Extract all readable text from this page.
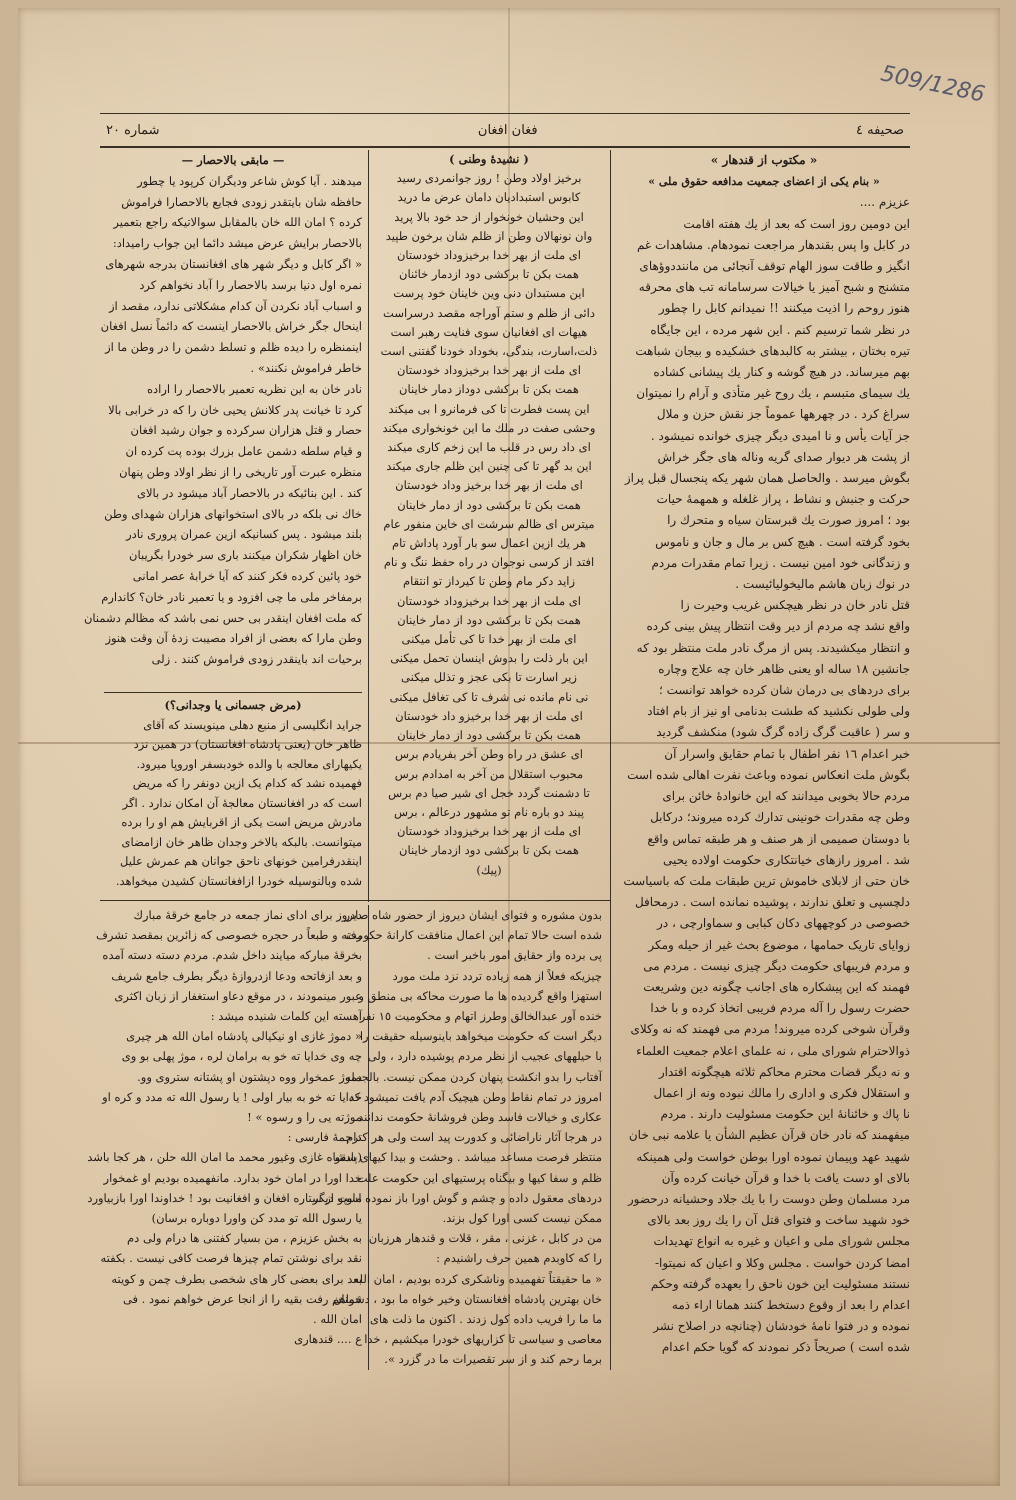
509/1286
شماره ٢٠	فغان افغان	صحیفه ٤
« مکتوب از قندهار »
« بنام یکی از اعضای جمعیت مدافعه حقوق ملی »
عزیزم ....
این دومین روز است که بعد از یك هفته اقامت
در کابل وا پس بقندهار مراجعت نمودهام. مشاهدات غم
انگیز و طاقت سوز الهام توقف آنجائی من ماننددوؤهای
متشنج و شبح آمیز یا خیالات سرسامانه تب های محرقه
هنوز روحم را اذیت میکنند !! نمیدانم کابل را چطور
در نظر شما ترسیم کنم . این شهر مرده ، این جایگاه
تیره بختان ، بیشتر به کالبدهای خشکیده و بیجان شباهت
بهم میرساند. در هیچ گوشه و کنار یك پیشانی کشاده
یك سیمای متبسم ، یك روح غیر متأذی و آرام را نمیتوان
سراغ کرد . در چهرهها عموماً جز نقش حزن و ملال
جز آیات یأس و نا امیدی دیگر چیزی خوانده نمیشود .
از پشت هر دیوار صدای گریه وناله های جگر خراش
بگوش میرسد . والحاصل همان شهر یکه پنجسال قبل پراز
حرکت و جنبش و نشاط ، پراز غلغله و همهمهٔ حیات
بود ؛ امروز صورت یك قبرستان سیاه و متحرك را
بخود گرفته است . هیچ کس بر مال و جان و ناموس
و زندگانی خود امین نیست . زیرا تمام مقدرات مردم
در نوك زبان هاشم مالیخولیائیست .
قتل نادر خان در نظر هیچکس غریب وحیرت زا
واقع نشد چه مردم از دیر وقت انتظار پیش بینی کرده
و انتظار میکشیدند. پس از مرگ نادر ملت منتظر بود که
جانشین ١٨ ساله او یعنی ظاهر خان چه علاج وچاره
برای دردهای بی درمان شان کرده خواهد توانست ؛
ولی طولی نکشید که طشت بدنامی او نیز از بام افتاد
و سر ( عاقبت گرگ زاده گرگ شود) منکشف گردید
خبر اعدام ١٦ نفر اطفال با تمام حقایق واسرار آن
بگوش ملت انعکاس نموده وباعث نفرت اهالی شده است
مردم حالا بخوبی میدانند که این خانوادهٔ خائن برای
وطن چه مقدرات خونینی تدارك کرده میروند؛ درکابل
با دوستان صمیمی از هر صنف و هر طبقه تماس واقع
شد . امروز رازهای خیانتکاری حکومت اولاده یحیی
خان حتی از لابلای خاموش ترین طبقات ملت که باسیاست
دلچسپی و تعلق ندارند ، پوشیده نمانده است . درمحافل
خصوصی در کوچههای دکان کبابی و سماوارچی ، در
زوایای تاریک حمامها ، موضوع بحث غیر از حیله ومکر
و مردم فریبهای حکومت دیگر چیزی نیست . مردم می
فهمند که این پیشکاره های اجانب چگونه دین وشریعت
حضرت رسول را آله مردم فریبی اتخاذ کرده و با خدا
وقرآن شوخی کرده میروند! مردم می فهمند که نه وکلای
ذوالاحترام شورای ملی ، نه علمای اعلام جمعیت العلماء
و نه دیگر قضات محترم محاکم ثلاثه هیچگونه اقتدار
و استقلال فکری و اداری را مالك نبوده ونه از اعمال
نا پاك و خائنانهٔ این حکومت مسئولیت دارند . مردم
میفهمند که نادر خان قرآن عظیم الشأن یا علامه نبی خان
شهید عهد وپیمان نموده اورا بوطن خواست ولی همینکه
بالای او دست یافت با خدا و قرآن خیانت کرده وآن
مرد مسلمان وطن دوست را با یك جلاد وحشیانه درحضور
خود شهید ساخت و فتوای قتل آن را یك روز بعد بالای
مجلس شورای ملی و اعیان و غیره به انواع تهدیدات
امضا کردن خواست . مجلس وکلا و اعیان که نمیتوا-
نستند مسئولیت این خون ناحق را بعهده گرفته وحکم
اعدام را بعد از وقوع دستخط کنند همانا اراء ذمه
نموده و در فتوا نامهٔ خودشان (چنانچه در اصلاح نشر
شده است ) صریحاً ذکر نمودند که گویا حکم اعدام
( نشیدهٔ وطنی )
برخیز اولاد وطن ! روز جوانمردی رسید
کابوس استبدادیان دامان عرض ما درید
این وحشیان خونخوار از حد خود بالا پرید
وان نونهالان وطن از ظلم شان برخون طپید
ای ملت از بهر خدا برخیزوداد خودستان
همت بکن تا برکشی دود ازدمار خائنان
این مستبدان دنی وین خاینان خود پرست
دائی از ظلم و ستم آوراجه مقصد درسراست
هیهات ای افغانیان سوی فنایت رهبر است
ذلت،اسارت، بندگی، بخوداد خودنا گفتنی است
ای ملت از بهر خدا برخیزوداد خودستان
همت بکن تا برکشی دوداز دمار خاینان
این پست فطرت تا کی فرمانرو ا بی میکند
وحشی صفت در ملك ما این خونخواری میکند
ای داد رس در قلب ما این زخم کاری میکند
این بد گهر تا کی چنین این ظلم جاری میکند
ای ملت از بهر خدا برخیز وداد خودستان
همت بکن تا برکشی دود از دمار خاینان
میترس ای ظالم سرشت ای خاین منفور عام
هر یك ازین اعمال سو بار آورد پاداش تام
افتد از کرسی نوجوان در راه حفظ ننگ و نام
زاید دکر مام وطن تا کیرداز تو انتقام
ای ملت از بهر خدا برخیزوداد خودستان
همت بکن تا برکشی دود از دمار خاینان
ای ملت از بهر خدا تا کی تأمل میکنی
این بار ذلت را بدوش اینسان تحمل میکنی
زیر اسارت تا بکی عجز و تذلل میکنی
نی نام مانده نی شرف تا کی تغافل میکنی
ای ملت از بهر خدا برخیزو داد خودستان
همت بکن تا برکشی دود از دمار خاینان
ای عشق در راه وطن آخر بفریادم برس
محبوب استقلال من آخر به امدادم برس
تا دشمنت گردد خجل ای شیر صیا دم برس
پیند دو باره نام تو مشهور درعالم ، برس
ای ملت از بهر خدا برخیزوداد خودستان
همت بکن تا برکشی دود ازدمار خاینان
(پیك)
— مابقی بالاحصار —
میدهند . آیا کوش شاعر ودیگران کرپود یا چطور
حافظه شان بایتقدر زودی فجایع بالاحصارا فراموش
کرده ؟ امان الله خان بالمقابل سوالاتیکه راجع بتعمیر
بالاحصار برایش عرض میشد دائما این جواب رامیداد:
« اگر کابل و دیگر شهر های افغانستان بدرجه شهرهای
نمره اول دنیا برسد بالاحصار را آباد نخواهم کرد
و اسباب آباد نکردن آن کدام مشکلاتی ندارد، مقصد از
اینحال جگر خراش بالاحصار اینست که دائماً نسل افغان
اینمنظره را دیده ظلم و تسلط دشمن را در وطن ما از
خاطر فراموش نکنند» .
نادر خان به این نظریه تعمیر بالاحصار را اراده
کرد تا خیانت پدر کلانش یحیی خان را که در خرابی بالا
حصار و قتل هزاران سرکرده و جوان رشید افغان
و قیام سلطه دشمن عامل بزرك بوده پت کرده ان
منظره عبرت آور تاریخی را از نظر اولاد وطن پنهان
کند . این بنائیکه در بالاحصار آباد میشود در بالای
خاك نی بلکه در بالای استخوانهای هزاران شهدای وطن
بلند میشود . پس کسانیکه ازین عمران پروری نادر
خان اظهار شکران میکنند باری سر خودرا بگریبان
خود پائین کرده فکر کنند که آیا خرابهٔ عصر امانی
برمفاخر ملی ما چی افزود و یا تعمیر نادر خان؟ کاندارم
که ملت افغان اینقدر بی حس نمی باشد که مظالم دشمنان
وطن مارا که بعضی از افراد مصیبت زدهٔ آن وقت هنوز
برحیات اند باینقدر زودی فراموش کنند . زلی
(مرض جسمانی یا وجدانی؟)
جراید انگلیسی از منبع دهلی مینویسند که آقای
ظاهر خان (یعنی پادشاه افغانستان) در همین نزد
یکیهارای معالجه با والده خودبسفر اوروپا میرود.
فهمیده نشد که کدام یک ازین دونفر را که مریض
است که در افغانستان معالجهٔ آن امکان ندارد . اگر
مادرش مریض است یکی از اقربایش هم او را برده
میتوانست. بالبکه بالاخر وجدان ظاهر خان ازامضای
اینقدرفرامین خونهای ناحق جوانان هم عمرش علیل
شده وبالنوسیله خودرا ازافغانستان کشیدن میخواهد.
بدون مشوره و فتوای ایشان دیروز از حضور شاه صادر
شده است حالا تمام این اعمال منافقت کارانهٔ حکومت
پی برده واز حقایق امور باخبر است .
چیزیکه فعلاً از همه زیاده تردد نزد ملت مورد
استهزا واقع گردیده ها ما صورت محاکه بی منطق و
خنده آور عبدالخالق وطرز اتهام و محکومیت ١٥ نفر
دیگر است که حکومت میخواهد باینوسیله حقیقت را
با حیلههای عجیب از نظر مردم پوشیده دارد ، ولی
آفتاب را بدو انکشت پنهان کردن ممکن نیست. بالجمله
امروز در تمام نقاط وطن هیچیک آدم یافت نمیشود که
عکاری و خیالات فاسد وطن فروشانهٔ حکومت ندانند.
در هرجا آثار ناراضائی و کدورت پید است ولی هر کدام
منتظر فرصت مساعد میباشد . وحشت و بیدا کیهای سقو
ظلم و سفا کیها و بیگناه پرستیهای این حکومت علت
دردهای معقول داده و چشم و گوش اورا باز نموده است دیگر
ممکن نیست کسی اورا کول بزند.
من در کابل ، غزنی ، مقر ، قلات و قندهار هرزبان
را که کاوبدم همین حرف راشنیدم :
« ما حقیقتاً تفهمیده وناشکری کرده بودیم ، امان الله
خان بهترین پادشاه افغانستان وخیر خواه ما بود ، دشمنان
ما ما را فریب داده کول زدند . اکنون ما ذلت های
معاصی و سیاسی تا کزاریهای خودرا میکشیم ، خدا
برما رحم کند و از سر تقصیرات ما در گزرد ».
دیروز برای ادای نماز جمعه در جامع خرقهٔ مبارك
رفته و طبعاً در حجره خصوصی که زائرین بمقصد تشرف
بخرقهٔ مبارکه میایند داخل شدم. مردم دسته دسته آمده
و بعد ازفاتحه ودعا ازدروازهٔ دیگر بطرف جامع شریف
عبور مینمودند ، در موقع دعاو استغفار از زبان اکثری
آهسته این کلمات شنیده میشد :
« دموژ غازی او نیکیالی پادشاه امان الله هر چیری
چه وی خدایا ته خو به برامان لره ، موژ پهلی بو وی
دموژ عمخوار ووه دپشتون او پشتانه ستروی وو.
خدایا ته خو به بیار اولی ! یا رسول الله ته مدد و کره او
موژته یی را و رسوه » !
ترجمهٔ فارسی :
(پادشاه غازی وغیور محمد ما امان الله حلن ، هر کجا باشد
خدا اورا در امان خود بدارد. مانفهمیده بودیم او غمخوار
ماوپو از ستاره افغان و افغانیت بود ! خداوندا اورا بازبیاورد
یا رسول الله تو مدد کن واورا دوباره برسان)
به بخش عزیزم ، من بسیار کفتنی ها درام ولی دم
نقد برای نوشتن تمام چیزها فرصت کافی نیست . بکفته
بعد برای بعضی کار های شخصی بطرف چمن و کویته
خواهم رفت بقیه را از انجا عرض خواهم نمود . فی
امان الله .
ع .... قندهاری
